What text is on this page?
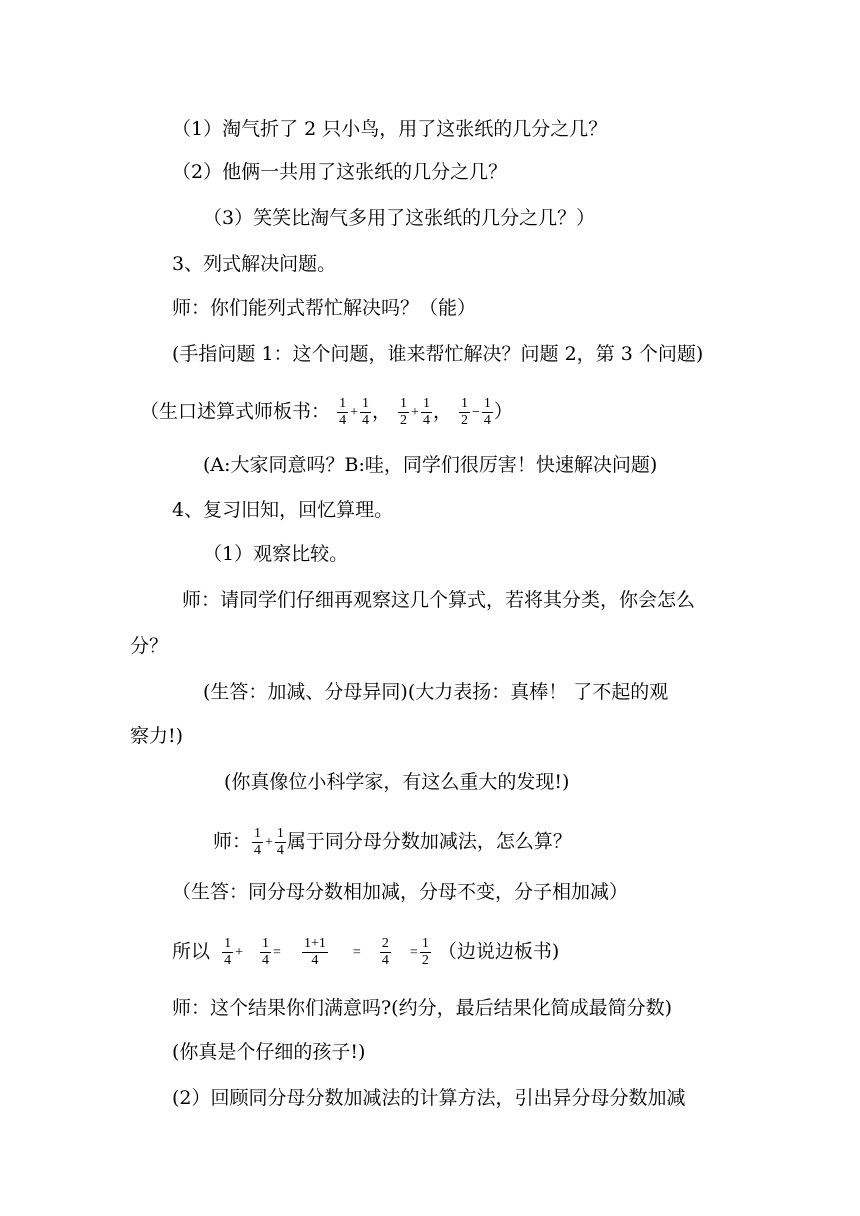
（1）淘气折了 2 只小鸟，用了这张纸的几分之几？
（2）他俩一共用了这张纸的几分之几？
（3）笑笑比淘气多用了这张纸的几分之几？）
3、列式解决问题。
师：你们能列式帮忙解决吗？（能）
(手指问题 1：这个问题，谁来帮忙解决？问题 2，第 3 个问题)
（生口述算式师板书： $\frac{1}{4} + \frac{1}{4}$ ， $\frac{1}{2} + \frac{1}{4}$ ， $\frac{1}{2} - \frac{1}{4}$ ）
(A:大家同意吗？B:哇，同学们很厉害！快速解决问题)
4、复习旧知，回忆算理。
（1）观察比较。
师：请同学们仔细再观察这几个算式，若将其分类，你会怎么
分？
(生答：加减、分母异同)(大力表扬：真棒！ 了不起的观
察力!)
(你真像位小科学家，有这么重大的发现!)
师： $\frac{1}{4} + \frac{1}{4}$ 属于同分母分数加减法，怎么算？
（生答：同分母分数相加减，分母不变，分子相加减）
所以 $\frac{1}{4} + \frac{1}{4} = \frac{1+1}{4} = \frac{2}{4} = \frac{1}{2}$ （边说边板书)
师：这个结果你们满意吗?(约分，最后结果化简成最简分数)
(你真是个仔细的孩子!)
(2）回顾同分母分数加减法的计算方法，引出异分母分数加减
